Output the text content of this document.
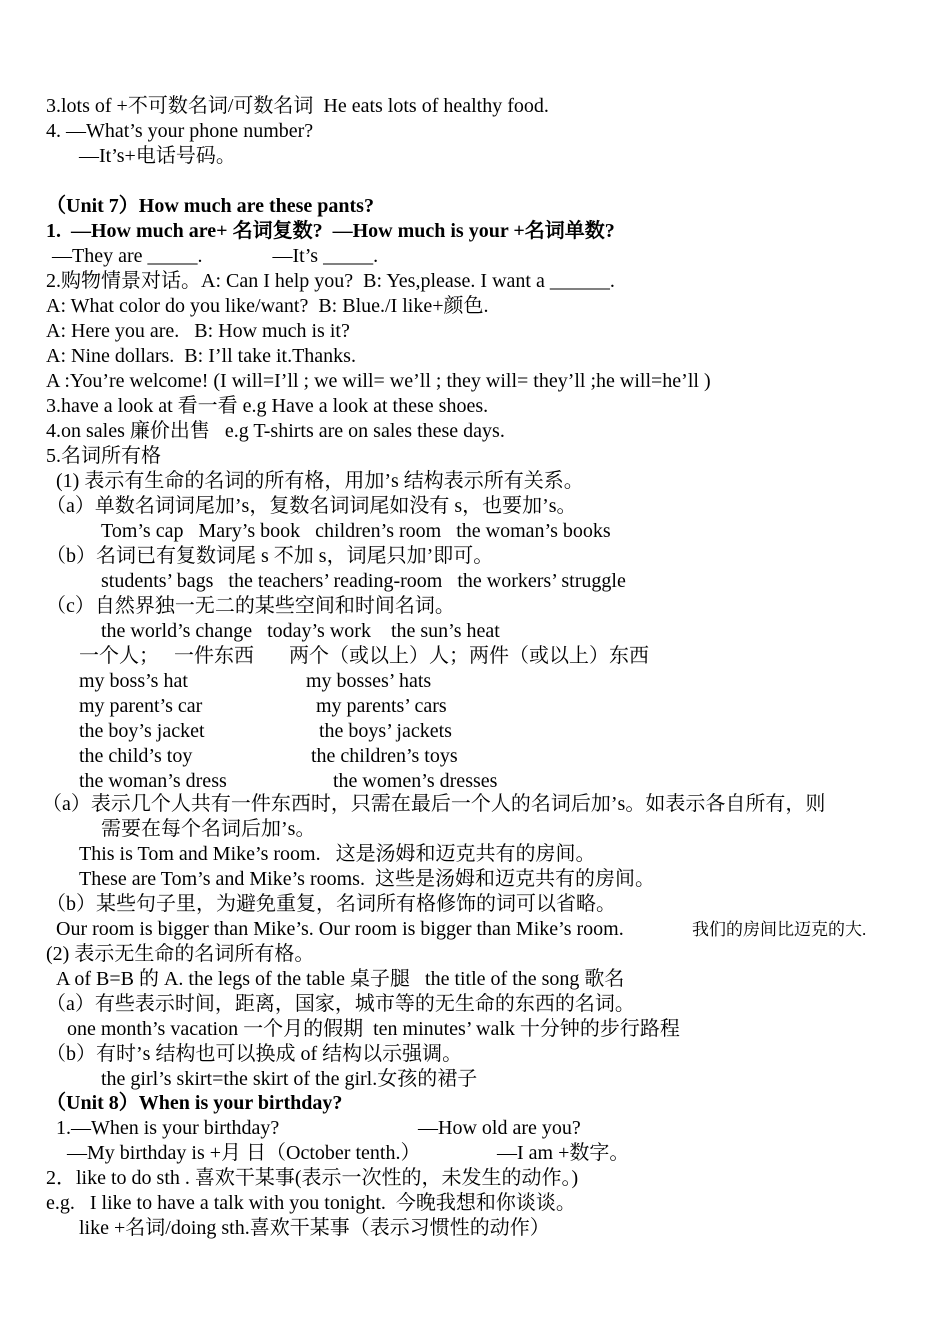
3.lots of +不可数名词/可数名词  He eats lots of healthy food.
4. —What’s your phone number?
—It’s+电话号码。
（Unit 7）How much are these pants?
1.  —How much are+ 名词复数?  —How much is your +名词单数?
—They are _____.              —It’s _____.
2.购物情景对话。A: Can I help you?  B: Yes,please. I want a ______.
A: What color do you like/want?  B: Blue./I like+颜色.
A: Here you are.   B: How much is it?
A: Nine dollars.  B: I’ll take it.Thanks.
A :You’re welcome! (I will=I’ll ; we will= we’ll ; they will= they’ll ;he will=he’ll )
3.have a look at 看一看 e.g Have a look at these shoes.
4.on sales 廉价出售   e.g T-shirts are on sales these days.
5.名词所有格
(1) 表示有生命的名词的所有格，用加’s 结构表示所有关系。
（a）单数名词词尾加’s，复数名词词尾如没有 s，也要加’s。
Tom’s cap   Mary’s book   children’s room   the woman’s books
（b）名词已有复数词尾 s 不加 s，词尾只加’即可。
students’ bags   the teachers’ reading-room   the workers’ struggle
（c）自然界独一无二的某些空间和时间名词。
the world’s change   today’s work    the sun’s heat
一个人；   一件东西       两个（或以上）人；两件（或以上）东西
my boss’s hat	my bosses’ hats
my parent’s car	my parents’ cars
the boy’s jacket	the boys’ jackets
the child’s toy	the children’s toys
the woman’s dress	the women’s dresses
（a）表示几个人共有一件东西时，只需在最后一个人的名词后加’s。如表示各自所有，则
需要在每个名词后加’s。
This is Tom and Mike’s room.   这是汤姆和迈克共有的房间。
These are Tom’s and Mike’s rooms.  这些是汤姆和迈克共有的房间。
（b）某些句子里，为避免重复，名词所有格修饰的词可以省略。
Our room is bigger than Mike’s. Our room is bigger than Mike’s room.	我们的房间比迈克的大.
(2) 表示无生命的名词所有格。
A of B=B 的 A. the legs of the table 桌子腿   the title of the song 歌名
（a）有些表示时间，距离，国家，城市等的无生命的东西的名词。
one month’s vacation 一个月的假期  ten minutes’ walk 十分钟的步行路程
（b）有时’s 结构也可以换成 of 结构以示强调。
the girl’s skirt=the skirt of the girl.女孩的裙子
（Unit 8）When is your birthday?
1.—When is your birthday?	—How old are you?
—My birthday is +月 日（October tenth.）	—I am +数字。
2．like to do sth . 喜欢干某事(表示一次性的，未发生的动作。)
e.g.   I like to have a talk with you tonight.  今晚我想和你谈谈。
like +名词/doing sth.喜欢干某事（表示习惯性的动作）
